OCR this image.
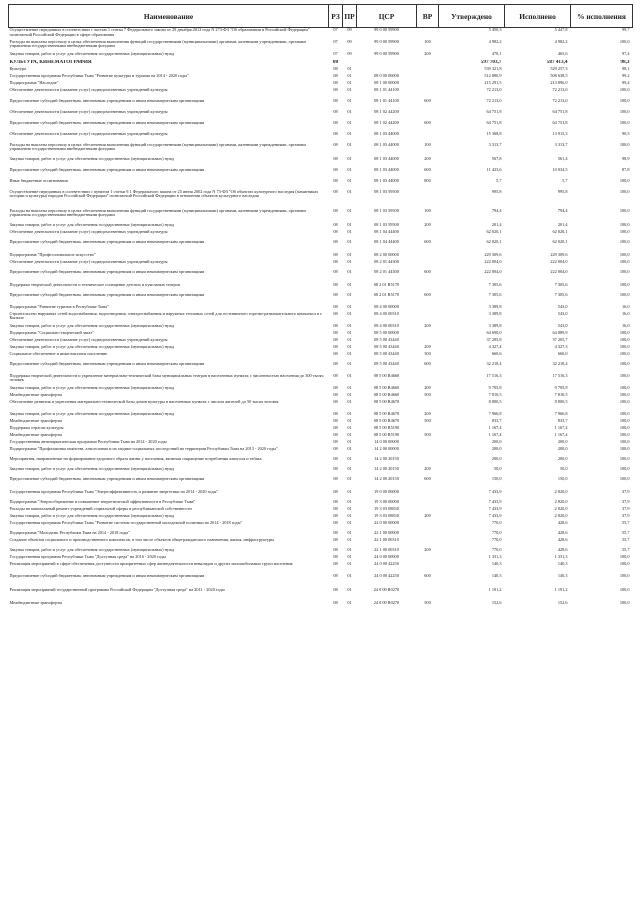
Наименование	РЗ	ПР	ЦСР	ВР	Утверждено	Исполнено	% исполнения
Осуществление переданных в соответствии с частью 1 статьи 7 Федерального закона от 29 декабря 2012 года N 273-ФЗ "Об образовании в Российской Федерации" полномочий Российской Федерации в сфере образования	07	09	99 0 00 59900		5 450,3	5 447,8	99,7
Расходы на выплаты персоналу в целях обеспечения выполнения функций государственными (муниципальными) органами, казенными учреждениями, органами управления государственными внебюджетными фондами	07	09	99 0 00 59900	100	4 982,2	4 982,2	100,0
Закупка товаров, работ и услуг для обеспечения государственных (муниципальных) нужд	07	09	99 0 00 59900	200	478,1	465,6	97,4
КУЛЬТУРА, КИНЕМАТОГРАФИЯ	08				597 703,7	587 413,4	98,3
Культура	08	01			539 321,8	529 257,3	98,1
Государственная программа Республики Тыва "Развитие культуры и туризма на 2014 - 2020 годы"	08	01	08 0 00 00000		512 880,9	508 638,5	99,2
Подпрограмма "Наследие"	08	01	08 1 00 00000		215 291,5	213 896,0	99,4
Обеспечение деятельности (оказание услуг) подведомственных учреждений культуры	08	01	08 1 01 44100		72 213,0	72 213,0	100,0
Предоставление субсидий бюджетным, автономным учреждениям и иным некоммерческим организациям	08	01	08 1 01 44100	600	72 213,0	72 213,0	100,0
Обеспечение деятельности (оказание услуг) подведомственных учреждений культуры	08	01	08 1 02 44200		64 751,8	64 751,8	100,0
Предоставление субсидий бюджетным, автономным учреждениям и иным некоммерческим организациям	08	01	08 1 02 44200	600	64 751,8	64 751,8	100,0
Обеспечение деятельности (оказание услуг) подведомственных учреждений культуры	08	01	08 1 03 44000		15 368,8	13 915,3	90,5
Расходы на выплаты персоналу в целях обеспечения выполнения функций государственными (муниципальными) органами, казенными учреждениями, органами управления государственными внебюджетными фондами	08	01	08 1 03 44000	100	3 313,7	3 313,7	100,0
Закупка товаров, работ и услуг для обеспечения государственных (муниципальных) нужд	08	01	08 1 03 44000	200	567,8	561,4	98,9
Предоставление субсидий бюджетным, автономным учреждениям и иным некоммерческим организациям	08	01	08 1 03 44000	600	11 423,6	10 034,5	87,8
Иные бюджетные ассигнования	08	01	08 1 03 44000	800	5,7	5,7	100,0
Осуществление переданных в соответствии с пунктом 1 статьи 9.1 Федерального закона от 25 июня 2002 года N 73-ФЗ "Об объектах культурного наследия (памятниках истории и культуры) народов Российской Федерации" полномочий Российской Федерации в отношении объектов культурного наследия	08	01	08 1 03 59500		995,8	995,8	100,0
Расходы на выплаты персоналу в целях обеспечения выполнения функций государственными (муниципальными) органами, казенными учреждениями, органами управления государственными внебюджетными фондами	08	01	08 1 03 59500	100	794,4	794,4	100,0
Закупка товаров, работ и услуг для обеспечения государственных (муниципальных) нужд	08	01	08 1 03 59500	200	201,4	201,4	100,0
Обеспечение деятельности (оказание услуг) подведомственных учреждений культуры	08	01	08 1 04 44400		62 020,1	62 020,1	100,0
Предоставление субсидий бюджетным, автономным учреждениям и иным некоммерческим организациям	08	01	08 1 04 44400	600	62 020,1	62 020,1	100,0
Подпрограмма "Профессиональное искусство"	08	01	08 2 00 00000		229 309,6	229 309,6	100,0
Обеспечение деятельности (оказание услуг) подведомственных учреждений культуры	08	01	08 2 01 44300		222 004,0	222 004,0	100,0
Предоставление субсидий бюджетным, автономным учреждениям и иным некоммерческим организациям	08	01	08 2 01 44300	600	222 004,0	222 004,0	100,0
Поддержка творческой деятельности и техническое оснащение детских и кукольных театров	08	01	08 2 01 R5170		7 305,6	7 305,6	100,0
Предоставление субсидий бюджетным, автономным учреждениям и иным некоммерческим организациям	08	01	08 2 01 R5170	600	7 305,6	7 305,6	100,0
Подпрограмма "Развитие туризма в Республике Тыва"	08	01	08 4 00 00000		3 389,8	543,0	16,0
Строительство наружных сетей водоснабжения, водоотведения, электроснабжения и наружных тепловых сетей для гостиничного торгово-развлекательного комплекса в г. Кызыле	08	01	08 4 00 00310		3 389,8	543,0	16,0
Закупка товаров, работ и услуг для обеспечения государственных (муниципальных) нужд	08	01	08 4 00 00310	200	3 389,8	543,0	16,0
Подпрограмма "Социально-творческий заказ"	08	01	08 5 00 00000		64 690,0	64 889,9	100,0
Обеспечение деятельности (оказание услуг) подведомственных учреждений культуры	08	01	08 5 00 43440		37 205,8	37 205,7	100,0
Закупка товаров, работ и услуг для обеспечения государственных (муниципальных) нужд	08	01	08 5 00 43440	200	4 327,4	4 327,3	100,0
Социальное обеспечение и иные выплаты населению	08	01	08 5 00 43440	300	660,6	660,0	100,0
Предоставление субсидий бюджетным, автономным учреждениям и иным некоммерческим организациям	08	01	08 5 00 43440	600	32 218,4	32 218,4	100,0
Поддержка творческой деятельности и укрепление материально-технической базы муниципальных театров в населенных пунктах с численностью населения до 300 тысяч человек	08	01	08 5 00 R4660		17 516,3	17 516,3	100,0
Закупка товаров, работ и услуг для обеспечения государственных (муниципальных) нужд	08	01	08 5 00 R4660	200	9 705,8	9 705,8	100,0
Межбюджетные трансферты	08	01	08 5 00 R4660	500	7 810,5	7 810,5	100,0
Обеспечение развития и укрепления материально-технической базы домов культуры в населенных пунктах с числом жителей до 50 тысяч человек	08	01	08 5 00 R4670		8 800,5	8 800,5	100,0
Закупка товаров, работ и услуг для обеспечения государственных (муниципальных) нужд	08	01	08 5 00 R4670	200	7 966,8	7 966,8	100,0
Межбюджетные трансферты	08	01	08 5 00 R4670	500	833,7	833,7	100,0
Поддержка отрасли культуры	08	01	08 5 00 R5190		1 167,4	1 167,4	100,0
Межбюджетные трансферты	08	01	08 5 00 R5190	500	1 167,4	1 167,4	100,0
Государственная антинаркотическая программа Республики Тыва на 2014 - 2020 годы	08	01	14 0 00 00000		200,0	200,0	100,0
Подпрограмма "Профилактика пьянства, алкоголизма и их медико-социальных последствий на территории Республики Тыва на 2013 - 2020 годы"	08	01	14 2 00 00000		200,0	200,0	100,0
Мероприятия, направленные на формирование здорового образа жизни у населения, включая сокращение потребления алкоголя и табака	08	01	14 2 00 20150		200,0	200,0	100,0
Закупка товаров, работ и услуг для обеспечения государственных (муниципальных) нужд	08	01	14 2 00 20150	200	50,0	50,0	100,0
Предоставление субсидий бюджетным, автономным учреждениям и иным некоммерческим организациям	08	01	14 2 00 20150	600	150,0	150,0	100,0
Государственная программа Республики Тыва "Энергоэффективность и развитие энергетики на 2014 - 2020 годы"	08	01	19 0 00 00000		7 433,9	2 820,0	37,9
Подпрограмма "Энергосбережение и повышение энергетической эффективности в Республике Тыва"	08	01	19 3 00 00000		7 433,9	2 820,0	37,9
Расходы на капитальный ремонт учреждений социальной сферы и республиканской собственности	08	01	19 3 03 08830		7 433,9	2 820,0	37,9
Закупка товаров, работ и услуг для обеспечения государственных (муниципальных) нужд	08	01	19 3 03 08830	200	7 433,9	2 820,0	37,9
Государственная программа Республики Тыва "Развитие системы государственной молодежной политики на 2014 - 2018 годы"	08	01	22 0 00 00000		770,0	428,6	55,7
Подпрограмма "Молодежь Республики Тыва на 2014 - 2018 годы"	08	01	22 1 00 00000		770,0	428,6	55,7
Создание объектов социального и производственного комплексов, в том числе объектов общегражданского назначения, жилья, инфраструктуры	08	01	22 1 00 00310		770,0	428,6	55,7
Закупка товаров, работ и услуг для обеспечения государственных (муниципальных) нужд	08	01	22 1 00 00310	200	770,0	428,6	55,7
Государственная программа Республики Тыва "Доступная среда" на 2016 - 2020 годы	08	01	24 0 00 00000		1 331,3	1 331,3	100,0
Реализация мероприятий в сфере обеспечения доступности приоритетных сфер жизнедеятельности инвалидов и других маломобильных групп населения	08	01	24 0 00 42250		140,3	140,3	100,0
Предоставление субсидий бюджетным, автономным учреждениям и иным некоммерческим организациям	08	01	24 0 00 42250	600	140,3	140,3	100,0
Реализация мероприятий государственной программы Российской Федерации "Доступная среда" на 2011 - 2020 годы	08	01	24 0 00 R0270		1 191,2	1 191,2	100,0
Межбюджетные трансферты	08	01	24 0 00 R0270	500	152,6	152,6	100,0
